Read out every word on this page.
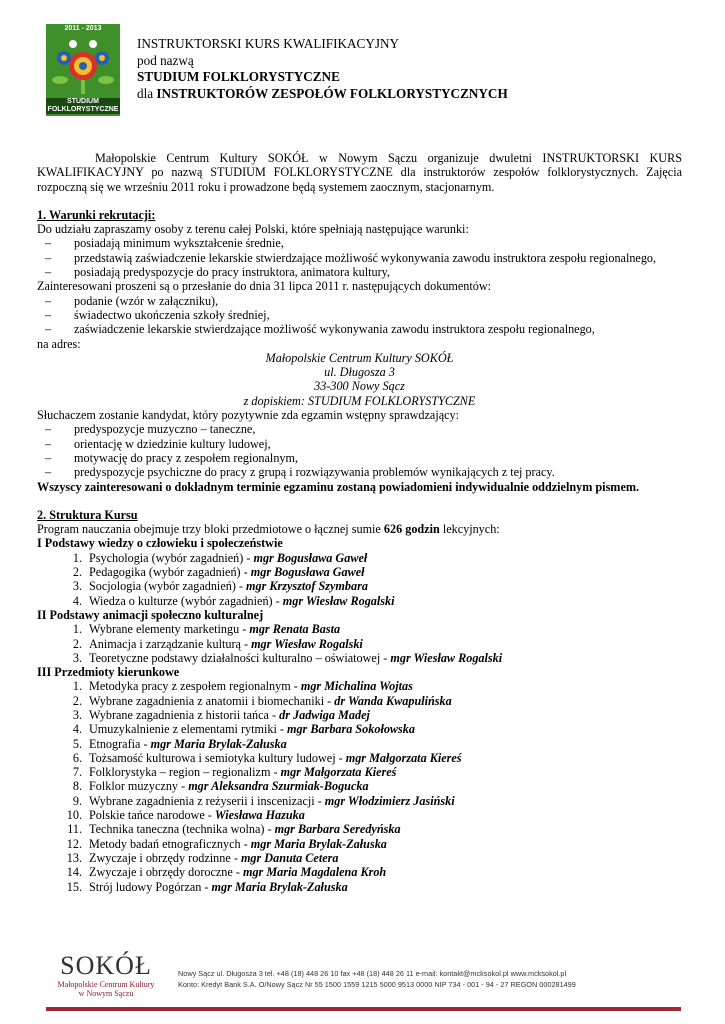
2011 - 2013
STUDIUM
FOLKLORYSTYCZNE
INSTRUKTORSKI KURS KWALIFIKACYJNY
pod nazwą
STUDIUM FOLKLORYSTYCZNE
dla INSTRUKTORÓW ZESPOŁÓW FOLKLORYSTYCZNYCH

Małopolskie Centrum Kultury SOKÓŁ w Nowym Sączu organizuje dwuletni INSTRUKTORSKI KURS KWALIFIKACYJNY po nazwą STUDIUM FOLKLORYSTYCZNE dla instruktorów zespołów folklorystycznych. Zajęcia rozpoczną się we wrześniu 2011 roku i prowadzone będą systemem zaocznym, stacjonarnym.

1. Warunki rekrutacji:

Do udziału zapraszamy osoby z terenu całej Polski, które spełniają następujące warunki:

– posiadają minimum wykształcenie średnie,
– przedstawią zaświadczenie lekarskie stwierdzające możliwość wykonywania zawodu instruktora zespołu regionalnego,
– posiadają predyspozycje do pracy instruktora, animatora kultury,

Zainteresowani proszeni są o przesłanie do dnia 31 lipca 2011 r. następujących dokumentów:

– podanie (wzór w załączniku),
– świadectwo ukończenia szkoły średniej,
– zaświadczenie lekarskie stwierdzające możliwość wykonywania zawodu instruktora zespołu regionalnego,

na adres:

Małopolskie Centrum Kultury SOKÓŁ

ul. Długosza 3

33-300 Nowy Sącz

z dopiskiem: STUDIUM FOLKLORYSTYCZNE

Słuchaczem zostanie kandydat, który pozytywnie zda egzamin wstępny sprawdzający:

– predyspozycje muzyczno – taneczne,
– orientację w dziedzinie kultury ludowej,
– motywację do pracy z zespołem regionalnym,
– predyspozycje psychiczne do pracy z grupą i rozwiązywania problemów wynikających z tej pracy.

Wszyscy zainteresowani o dokładnym terminie egzaminu zostaną powiadomieni indywidualnie oddzielnym pismem.

2. Struktura Kursu

Program nauczania obejmuje trzy bloki przedmiotowe o łącznej sumie 626 godzin lekcyjnych:

I Podstawy wiedzy o człowieku i społeczeństwie

1. Psychologia (wybór zagadnień) - mgr Bogusława Gaweł
2. Pedagogika (wybór zagadnień) - mgr Bogusława Gaweł
3. Socjologia (wybór zagadnień) - mgr Krzysztof Szymbara
4. Wiedza o kulturze (wybór zagadnień) - mgr Wiesław Rogalski

II Podstawy animacji społeczno kulturalnej

1. Wybrane elementy marketingu - mgr Renata Basta
2. Animacja i zarządzanie kulturą - mgr Wiesław Rogalski
3. Teoretyczne podstawy działalności kulturalno – oświatowej - mgr Wiesław Rogalski

III Przedmioty kierunkowe

1. Metodyka pracy z zespołem regionalnym - mgr Michalina Wojtas
2. Wybrane zagadnienia z anatomii i biomechaniki - dr Wanda Kwapulińska
3. Wybrane zagadnienia z historii tańca - dr Jadwiga Madej
4. Umuzykalnienie z elementami rytmiki - mgr Barbara Sokołowska
5. Etnografia - mgr Maria Brylak-Załuska
6. Tożsamość kulturowa i semiotyka kultury ludowej - mgr Małgorzata Kiereś
7. Folklorystyka – region – regionalizm - mgr Małgorzata Kiereś
8. Folklor muzyczny - mgr Aleksandra Szurmiak-Bogucka
9. Wybrane zagadnienia z reżyserii i inscenizacji - mgr Włodzimierz Jasiński
10. Polskie tańce narodowe - Wiesława Hazuka
11. Technika taneczna (technika wolna) - mgr Barbara Seredyńska
12. Metody badań etnograficznych - mgr Maria Brylak-Załuska
13. Zwyczaje i obrzędy rodzinne - mgr Danuta Cetera
14. Zwyczaje i obrzędy doroczne - mgr Maria Magdalena Kroh
15. Strój ludowy Pogórzan - mgr Maria Brylak-Załuska
SOKÓŁ
Małopolskie Centrum Kultury
w Nowym Sączu
Nowy Sącz ul. Długosza 3 tel. +48 (18) 448 26 10 fax +48 (18) 448 26 11 e-mail: kontakt@mcksokol.pl www.mcksokol.pl
Konto: Kredyt Bank S.A. O/Nowy Sącz Nr 55 1500 1559 1215 5000 9513 0000 NIP 734 - 001 - 94 - 27 REGON 000281499
